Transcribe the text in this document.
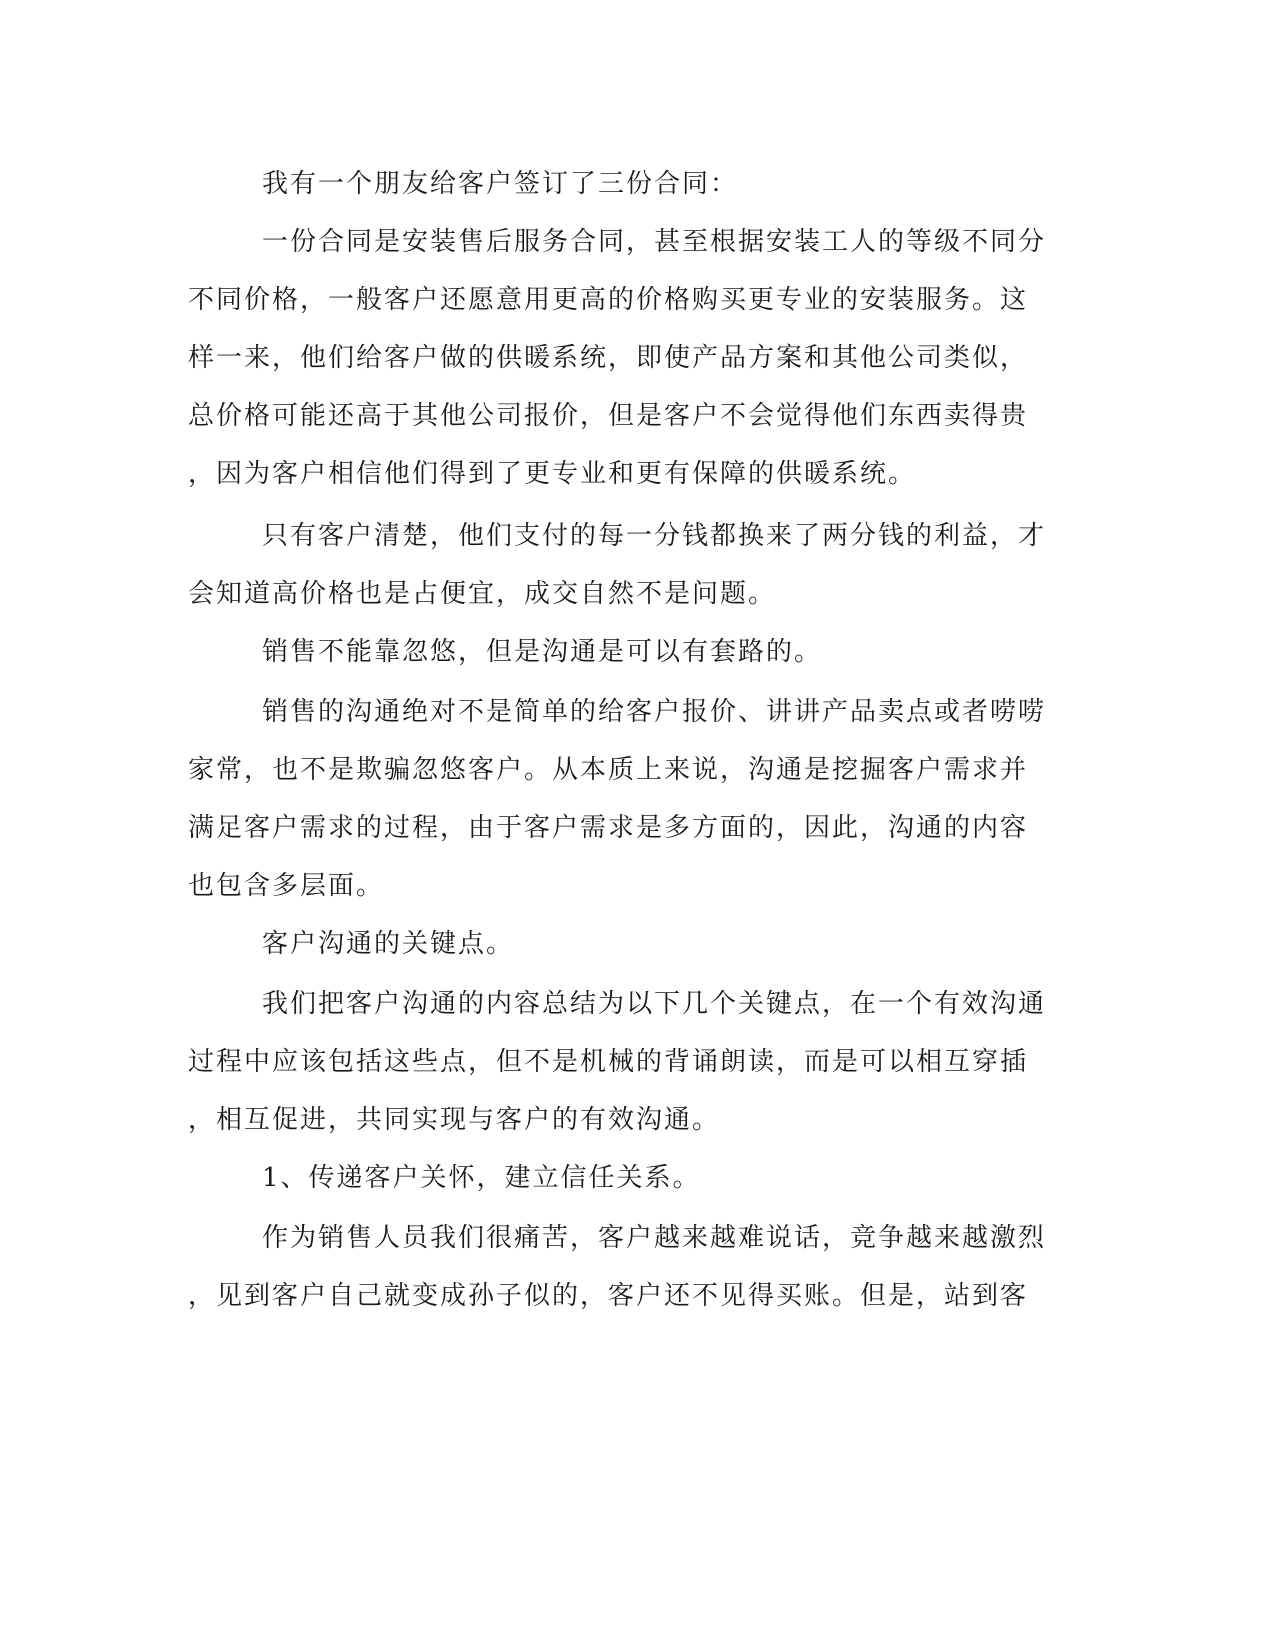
我有一个朋友给客户签订了三份合同：
一份合同是安装售后服务合同，甚至根据安装工人的等级不同分
不同价格，一般客户还愿意用更高的价格购买更专业的安装服务。这
样一来，他们给客户做的供暖系统，即使产品方案和其他公司类似，
总价格可能还高于其他公司报价，但是客户不会觉得他们东西卖得贵
，因为客户相信他们得到了更专业和更有保障的供暖系统。
只有客户清楚，他们支付的每一分钱都换来了两分钱的利益，才
会知道高价格也是占便宜，成交自然不是问题。
销售不能靠忽悠，但是沟通是可以有套路的。
销售的沟通绝对不是简单的给客户报价、讲讲产品卖点或者唠唠
家常，也不是欺骗忽悠客户。从本质上来说，沟通是挖掘客户需求并
满足客户需求的过程，由于客户需求是多方面的，因此，沟通的内容
也包含多层面。
客户沟通的关键点。
我们把客户沟通的内容总结为以下几个关键点，在一个有效沟通
过程中应该包括这些点，但不是机械的背诵朗读，而是可以相互穿插
，相互促进，共同实现与客户的有效沟通。
1、传递客户关怀，建立信任关系。
作为销售人员我们很痛苦，客户越来越难说话，竞争越来越激烈
，见到客户自己就变成孙子似的，客户还不见得买账。但是，站到客
